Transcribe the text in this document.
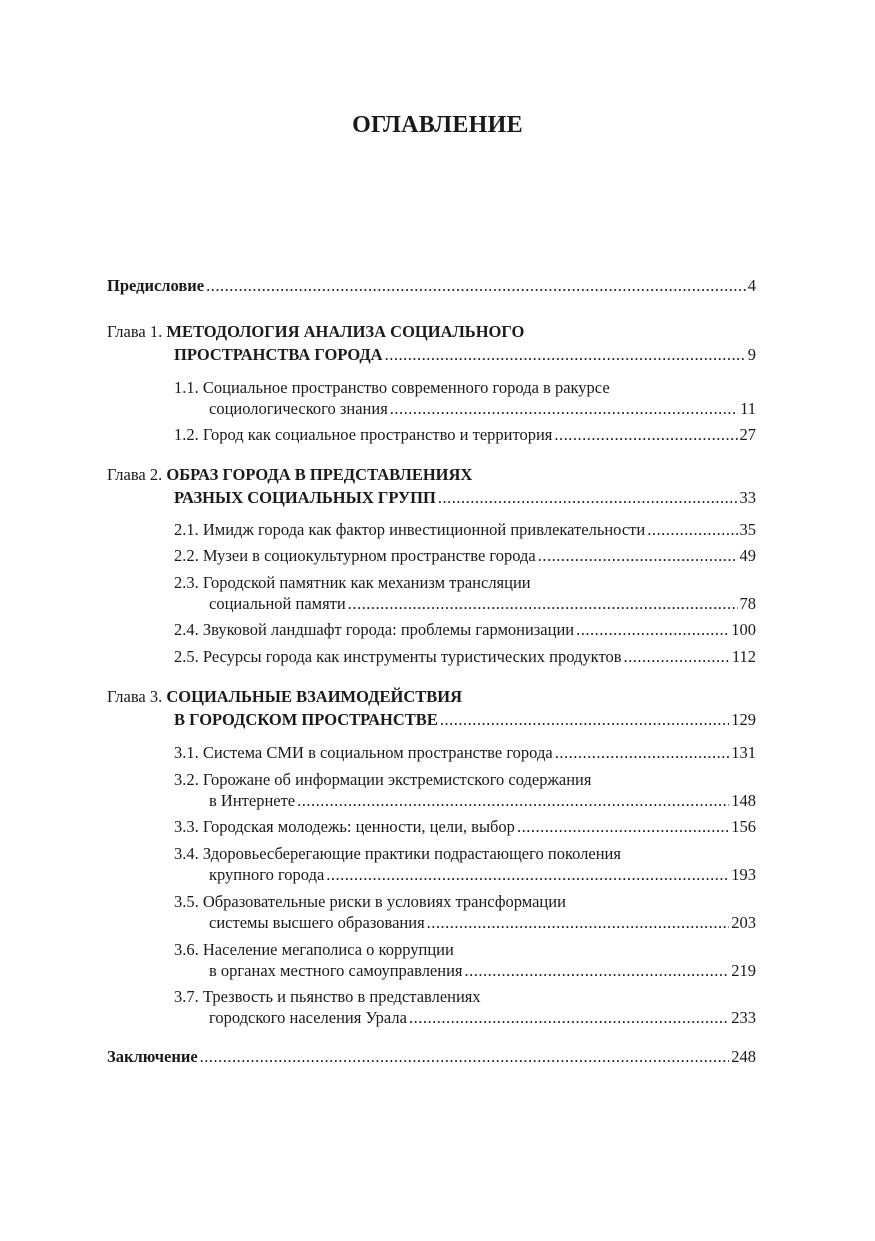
ОГЛАВЛЕНИЕ
Предисловие .....	4
Глава 1.
МЕТОДОЛОГИЯ АНАЛИЗА СОЦИАЛЬНОГО
ПРОСТРАНСТВА ГОРОДА .....	9
1.1. Социальное пространство современного города в ракурсе
социологического знания .....	11
1.2. Город как социальное пространство и территория .....	27
Глава 2.
ОБРАЗ ГОРОДА В ПРЕДСТАВЛЕНИЯХ
РАЗНЫХ СОЦИАЛЬНЫХ ГРУПП .....	33
2.1. Имидж города как фактор инвестиционной привлекательности .....	35
2.2. Музеи в социокультурном пространстве города .....	49
2.3. Городской памятник как механизм трансляции
социальной памяти .....	78
2.4. Звуковой ландшафт города: проблемы гармонизации .....	100
2.5. Ресурсы города как инструменты туристических продуктов .....	112
Глава 3.
СОЦИАЛЬНЫЕ ВЗАИМОДЕЙСТВИЯ
В ГОРОДСКОМ ПРОСТРАНСТВЕ .....	129
3.1. Система СМИ в социальном пространстве города .....	131
3.2. Горожане об информации экстремистского содержания
в Интернете .....	148
3.3. Городская молодежь: ценности, цели, выбор .....	156
3.4. Здоровьесберегающие практики подрастающего поколения
крупного города .....	193
3.5. Образовательные риски в условиях трансформации
системы высшего образования .....	203
3.6. Население мегаполиса о коррупции
в органах местного самоуправления .....	219
3.7. Трезвость и пьянство в представлениях
городского населения Урала .....	233
Заключение .....	248
